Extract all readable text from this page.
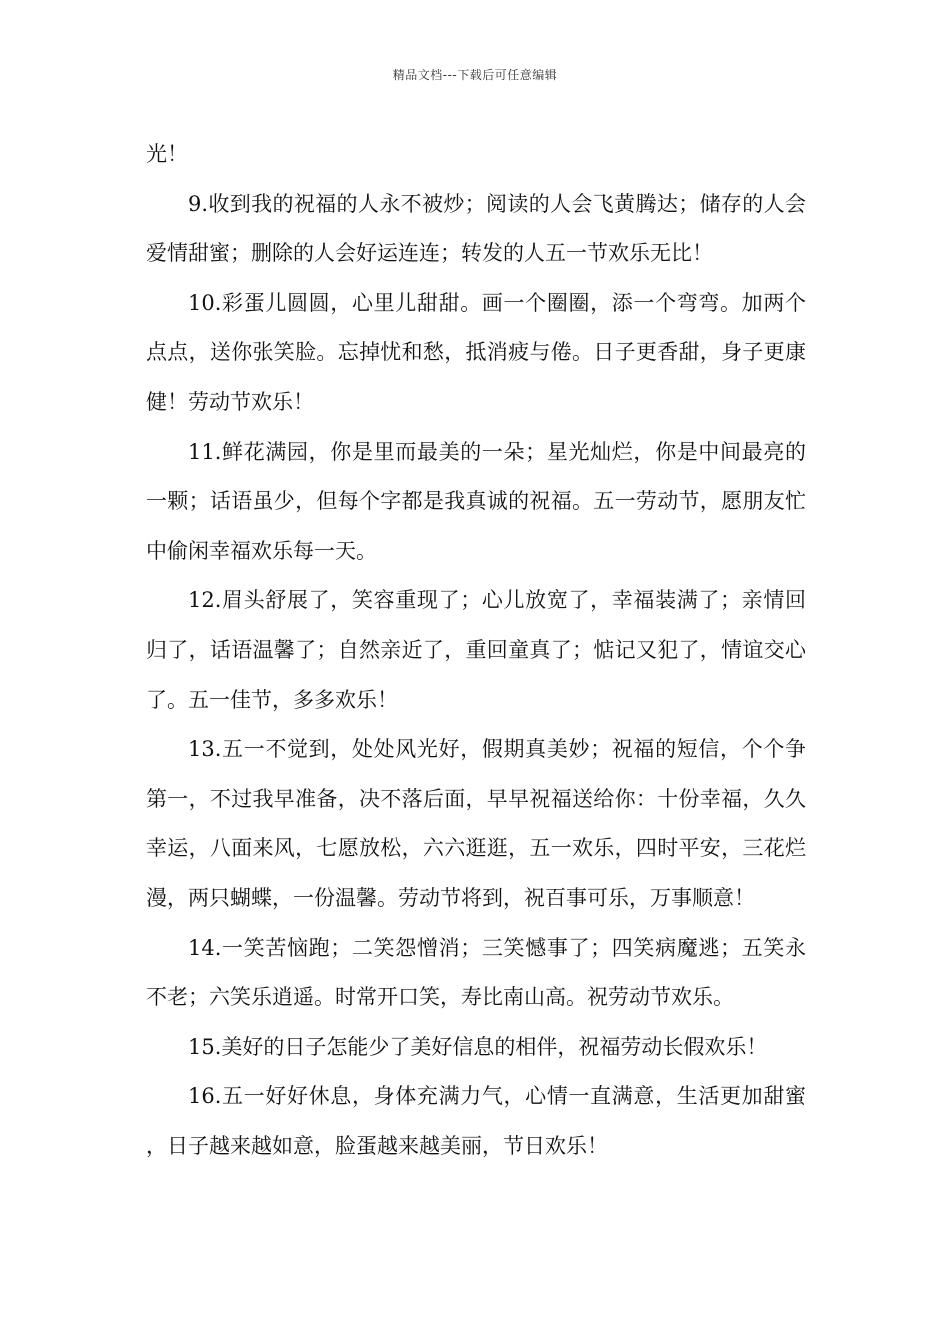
精品文档---下载后可任意编辑

光！

9.收到我的祝福的人永不被炒；阅读的人会飞黄腾达；储存的人会爱情甜蜜；删除的人会好运连连；转发的人五一节欢乐无比！

10.彩蛋儿圆圆，心里儿甜甜。画一个圈圈，添一个弯弯。加两个点点，送你张笑脸。忘掉忧和愁，抵消疲与倦。日子更香甜，身子更康健！劳动节欢乐！

11.鲜花满园，你是里而最美的一朵；星光灿烂，你是中间最亮的一颗；话语虽少，但每个字都是我真诚的祝福。五一劳动节，愿朋友忙中偷闲幸福欢乐每一天。

12.眉头舒展了，笑容重现了；心儿放宽了，幸福装满了；亲情回归了，话语温馨了；自然亲近了，重回童真了；惦记又犯了，情谊交心了。五一佳节，多多欢乐！

13.五一不觉到，处处风光好，假期真美妙；祝福的短信，个个争第一，不过我早准备，决不落后面，早早祝福送给你：十份幸福，久久幸运，八面来风，七愿放松，六六逛逛，五一欢乐，四时平安，三花烂漫，两只蝴蝶，一份温馨。劳动节将到，祝百事可乐，万事顺意！

14.一笑苦恼跑；二笑怨憎消；三笑憾事了；四笑病魔逃；五笑永不老；六笑乐逍遥。时常开口笑，寿比南山高。祝劳动节欢乐。

15.美好的日子怎能少了美好信息的相伴，祝福劳动长假欢乐！

16.五一好好休息，身体充满力气，心情一直满意，生活更加甜蜜，日子越来越如意，脸蛋越来越美丽，节日欢乐！
